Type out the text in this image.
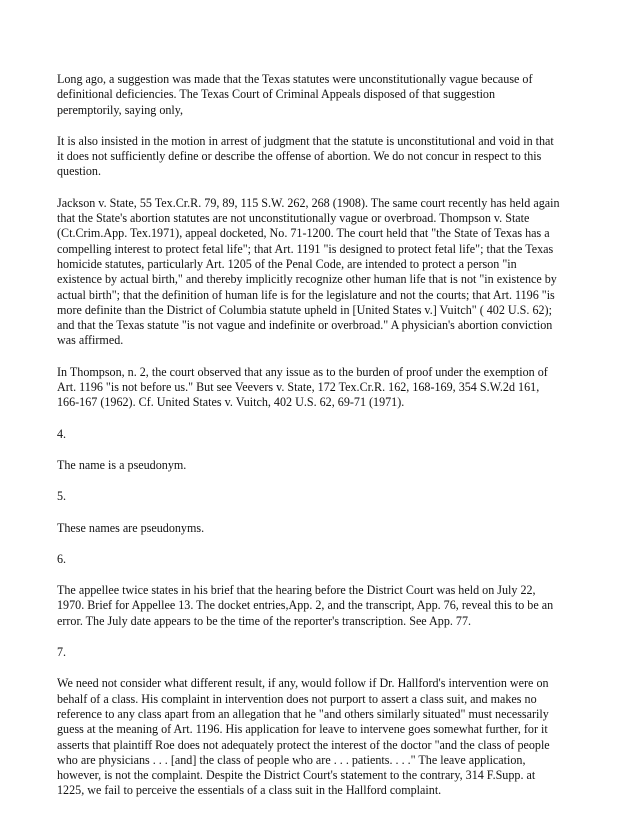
Long ago, a suggestion was made that the Texas statutes were unconstitutionally vague because of
definitional deficiencies. The Texas Court of Criminal Appeals disposed of that suggestion
peremptorily, saying only,

It is also insisted in the motion in arrest of judgment that the statute is unconstitutional and void in that
it does not sufficiently define or describe the offense of abortion. We do not concur in respect to this
question.

Jackson v. State, 55 Tex.Cr.R. 79, 89, 115 S.W. 262, 268 (1908). The same court recently has held again
that the State's abortion statutes are not unconstitutionally vague or overbroad. Thompson v. State
(Ct.Crim.App. Tex.1971), appeal docketed, No. 71-1200. The court held that "the State of Texas has a
compelling interest to protect fetal life"; that Art. 1191 "is designed to protect fetal life"; that the Texas
homicide statutes, particularly Art. 1205 of the Penal Code, are intended to protect a person "in
existence by actual birth," and thereby implicitly recognize other human life that is not "in existence by
actual birth"; that the definition of human life is for the legislature and not the courts; that Art. 1196 "is
more definite than the District of Columbia statute upheld in [United States v.] Vuitch" ( 402 U.S. 62);
and that the Texas statute "is not vague and indefinite or overbroad." A physician's abortion conviction
was affirmed.

In Thompson, n. 2, the court observed that any issue as to the burden of proof under the exemption of
Art. 1196 "is not before us." But see Veevers v. State, 172 Tex.Cr.R. 162, 168-169, 354 S.W.2d 161,
166-167 (1962). Cf. United States v. Vuitch, 402 U.S. 62, 69-71 (1971).

4.

The name is a pseudonym.

5.

These names are pseudonyms.

6.

The appellee twice states in his brief that the hearing before the District Court was held on July 22,
1970. Brief for Appellee 13. The docket entries,App. 2, and the transcript, App. 76, reveal this to be an
error. The July date appears to be the time of the reporter's transcription. See App. 77.

7.

We need not consider what different result, if any, would follow if Dr. Hallford's intervention were on
behalf of a class. His complaint in intervention does not purport to assert a class suit, and makes no
reference to any class apart from an allegation that he "and others similarly situated" must necessarily
guess at the meaning of Art. 1196. His application for leave to intervene goes somewhat further, for it
asserts that plaintiff Roe does not adequately protect the interest of the doctor "and the class of people
who are physicians . . . [and] the class of people who are . . . patients. . . ." The leave application,
however, is not the complaint. Despite the District Court's statement to the contrary, 314 F.Supp. at
1225, we fail to perceive the essentials of a class suit in the Hallford complaint.
